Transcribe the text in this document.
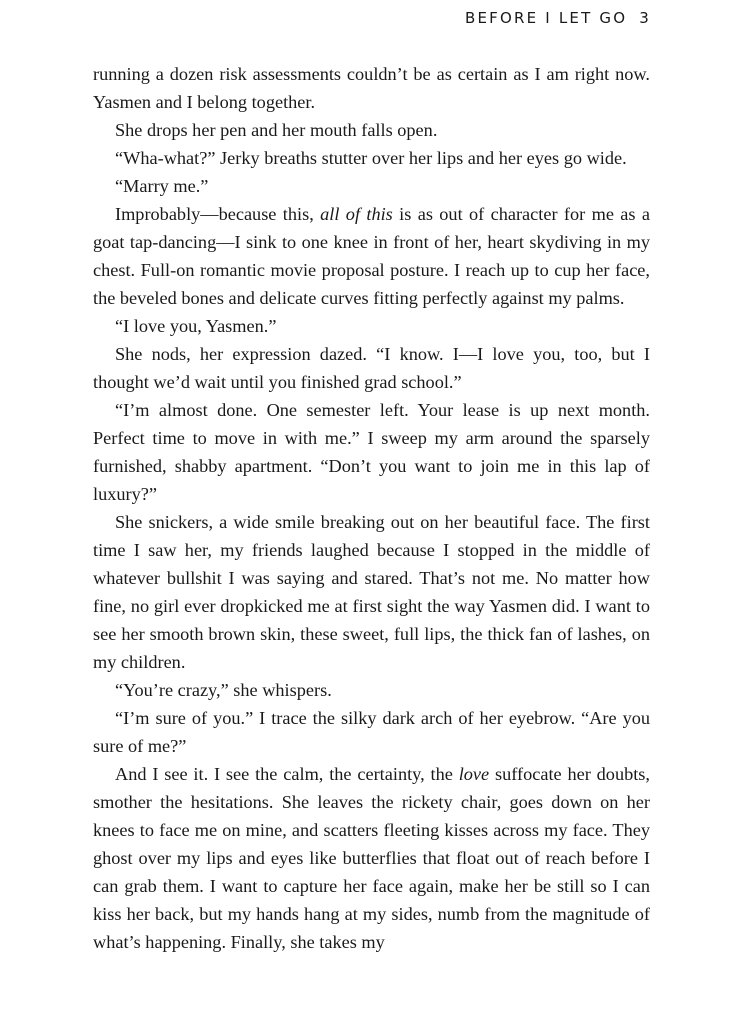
BEFORE I LET GO 3

running a dozen risk assessments couldn’t be as certain as I am right now. Yasmen and I belong together.

She drops her pen and her mouth falls open.

“Wha-what?” Jerky breaths stutter over her lips and her eyes go wide.

“Marry me.”

Improbably—because this, all of this is as out of character for me as a goat tap-dancing—I sink to one knee in front of her, heart skydiving in my chest. Full-on romantic movie proposal posture. I reach up to cup her face, the beveled bones and delicate curves fitting perfectly against my palms.

“I love you, Yasmen.”

She nods, her expression dazed. “I know. I—I love you, too, but I thought we’d wait until you finished grad school.”

“I’m almost done. One semester left. Your lease is up next month. Perfect time to move in with me.” I sweep my arm around the sparsely furnished, shabby apartment. “Don’t you want to join me in this lap of luxury?”

She snickers, a wide smile breaking out on her beautiful face. The first time I saw her, my friends laughed because I stopped in the middle of whatever bullshit I was saying and stared. That’s not me. No matter how fine, no girl ever dropkicked me at first sight the way Yasmen did. I want to see her smooth brown skin, these sweet, full lips, the thick fan of lashes, on my children.

“You’re crazy,” she whispers.

“I’m sure of you.” I trace the silky dark arch of her eyebrow. “Are you sure of me?”

And I see it. I see the calm, the certainty, the love suffocate her doubts, smother the hesitations. She leaves the rickety chair, goes down on her knees to face me on mine, and scatters fleeting kisses across my face. They ghost over my lips and eyes like butterflies that float out of reach before I can grab them. I want to capture her face again, make her be still so I can kiss her back, but my hands hang at my sides, numb from the magnitude of what’s happening. Finally, she takes my
